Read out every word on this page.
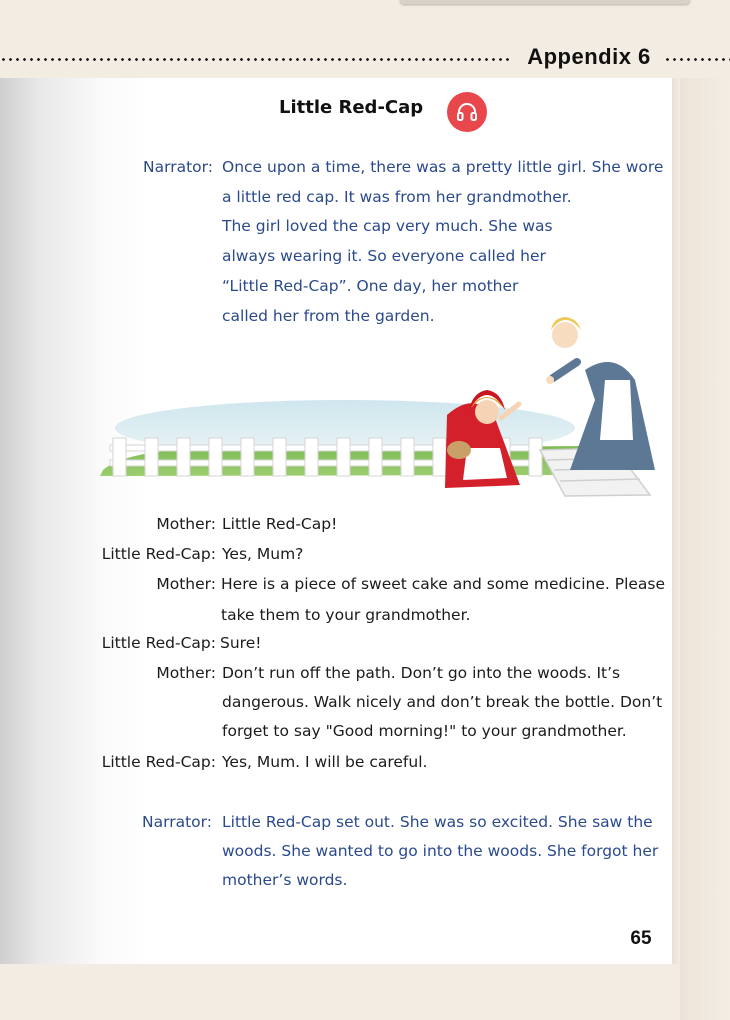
Appendix 6
Little Red-Cap
Narrator: Once upon a time, there was a pretty little girl. She wore
a little red cap. It was from her grandmother.
The girl loved the cap very much. She was
always wearing it. So everyone called her
“Little Red-Cap”. One day, her mother
called her from the garden.
Mother: Little Red-Cap!
Little Red-Cap: Yes, Mum?
Mother: Here is a piece of sweet cake and some medicine. Please
take them to your grandmother.
Little Red-Cap: Sure!
Mother: Don’t run off the path. Don’t go into the woods. It’s
dangerous. Walk nicely and don’t break the bottle. Don’t
forget to say "Good morning!" to your grandmother.
Little Red-Cap: Yes, Mum. I will be careful.
Narrator: Little Red-Cap set out. She was so excited. She saw the
woods. She wanted to go into the woods. She forgot her
mother’s words.
65
